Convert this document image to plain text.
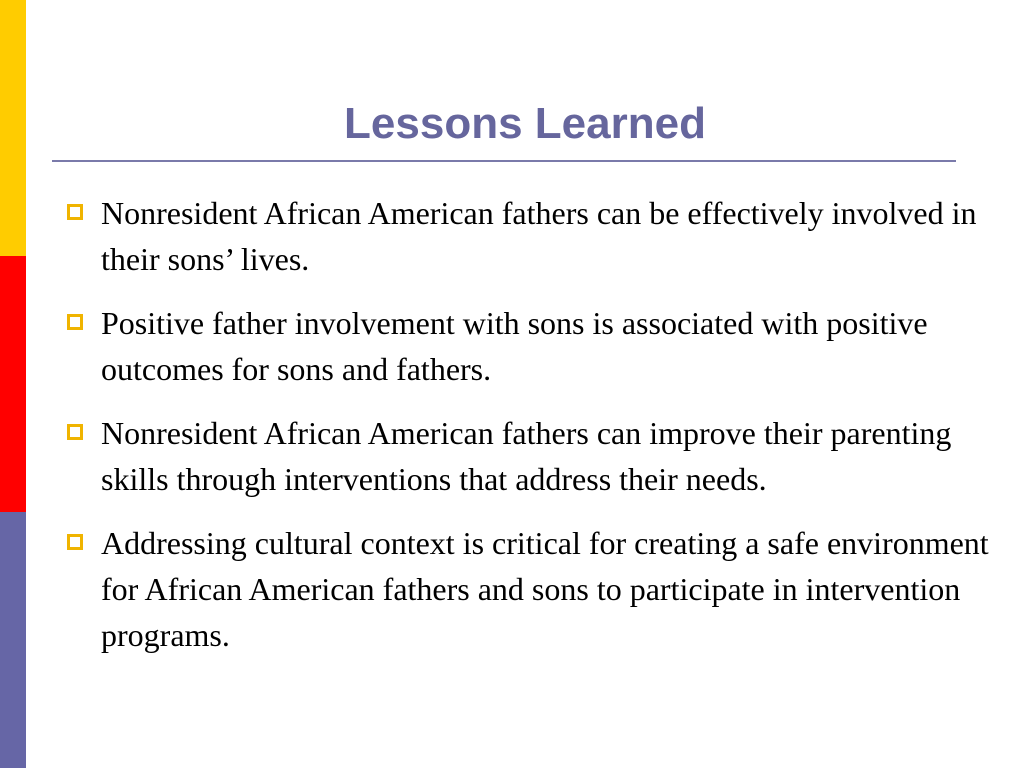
Lessons Learned
Nonresident African American fathers can be effectively involved in their sons’ lives.
Positive father involvement with sons is associated with positive outcomes for sons and fathers.
Nonresident African American fathers can improve their parenting skills through interventions that address their needs.
Addressing cultural context is critical for creating a safe environment for African American fathers and sons to participate in intervention programs.
